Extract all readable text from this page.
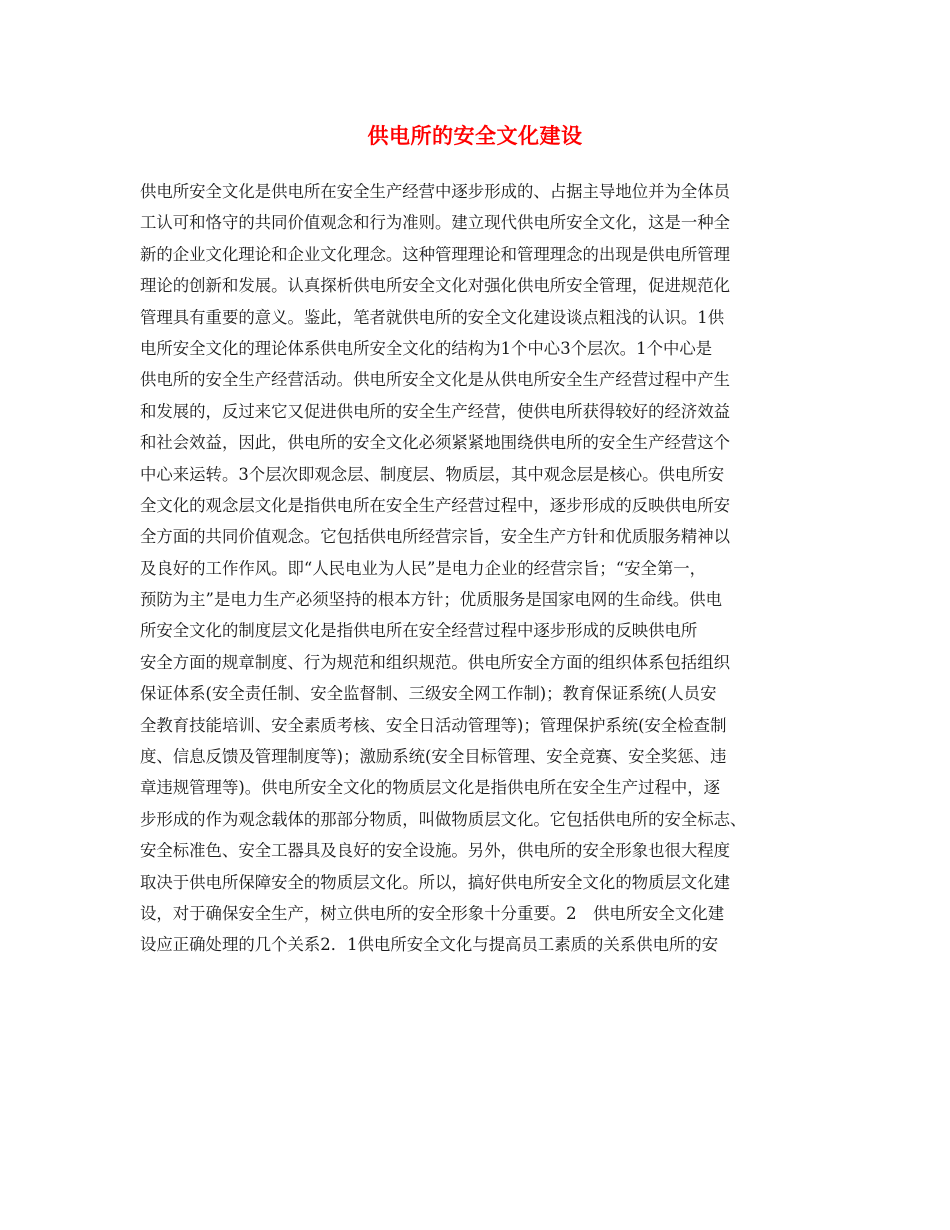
供电所的安全文化建设
供电所安全文化是供电所在安全生产经营中逐步形成的、占据主导地位并为全体员
工认可和恪守的共同价值观念和行为准则。建立现代供电所安全文化，这是一种全
新的企业文化理论和企业文化理念。这种管理理论和管理理念的出现是供电所管理
理论的创新和发展。认真探析供电所安全文化对强化供电所安全管理，促进规范化
管理具有重要的意义。鉴此，笔者就供电所的安全文化建设谈点粗浅的认识。1供
电所安全文化的理论体系供电所安全文化的结构为1个中心3个层次。1个中心是
供电所的安全生产经营活动。供电所安全文化是从供电所安全生产经营过程中产生
和发展的，反过来它又促进供电所的安全生产经营，使供电所获得较好的经济效益
和社会效益，因此，供电所的安全文化必须紧紧地围绕供电所的安全生产经营这个
中心来运转。3个层次即观念层、制度层、物质层，其中观念层是核心。供电所安
全文化的观念层文化是指供电所在安全生产经营过程中，逐步形成的反映供电所安
全方面的共同价值观念。它包括供电所经营宗旨，安全生产方针和优质服务精神以
及良好的工作作风。即“人民电业为人民”是电力企业的经营宗旨；“安全第一，
预防为主”是电力生产必须坚持的根本方针；优质服务是国家电网的生命线。供电
所安全文化的制度层文化是指供电所在安全经营过程中逐步形成的反映供电所
安全方面的规章制度、行为规范和组织规范。供电所安全方面的组织体系包括组织
保证体系(安全责任制、安全监督制、三级安全网工作制)；教育保证系统(人员安
全教育技能培训、安全素质考核、安全日活动管理等)；管理保护系统(安全检查制
度、信息反馈及管理制度等)；激励系统(安全目标管理、安全竞赛、安全奖惩、违
章违规管理等)。供电所安全文化的物质层文化是指供电所在安全生产过程中，逐
步形成的作为观念载体的那部分物质，叫做物质层文化。它包括供电所的安全标志、
安全标准色、安全工器具及良好的安全设施。另外，供电所的安全形象也很大程度
取决于供电所保障安全的物质层文化。所以，搞好供电所安全文化的物质层文化建
设，对于确保安全生产，树立供电所的安全形象十分重要。2　供电所安全文化建
设应正确处理的几个关系2．1供电所安全文化与提高员工素质的关系供电所的安
